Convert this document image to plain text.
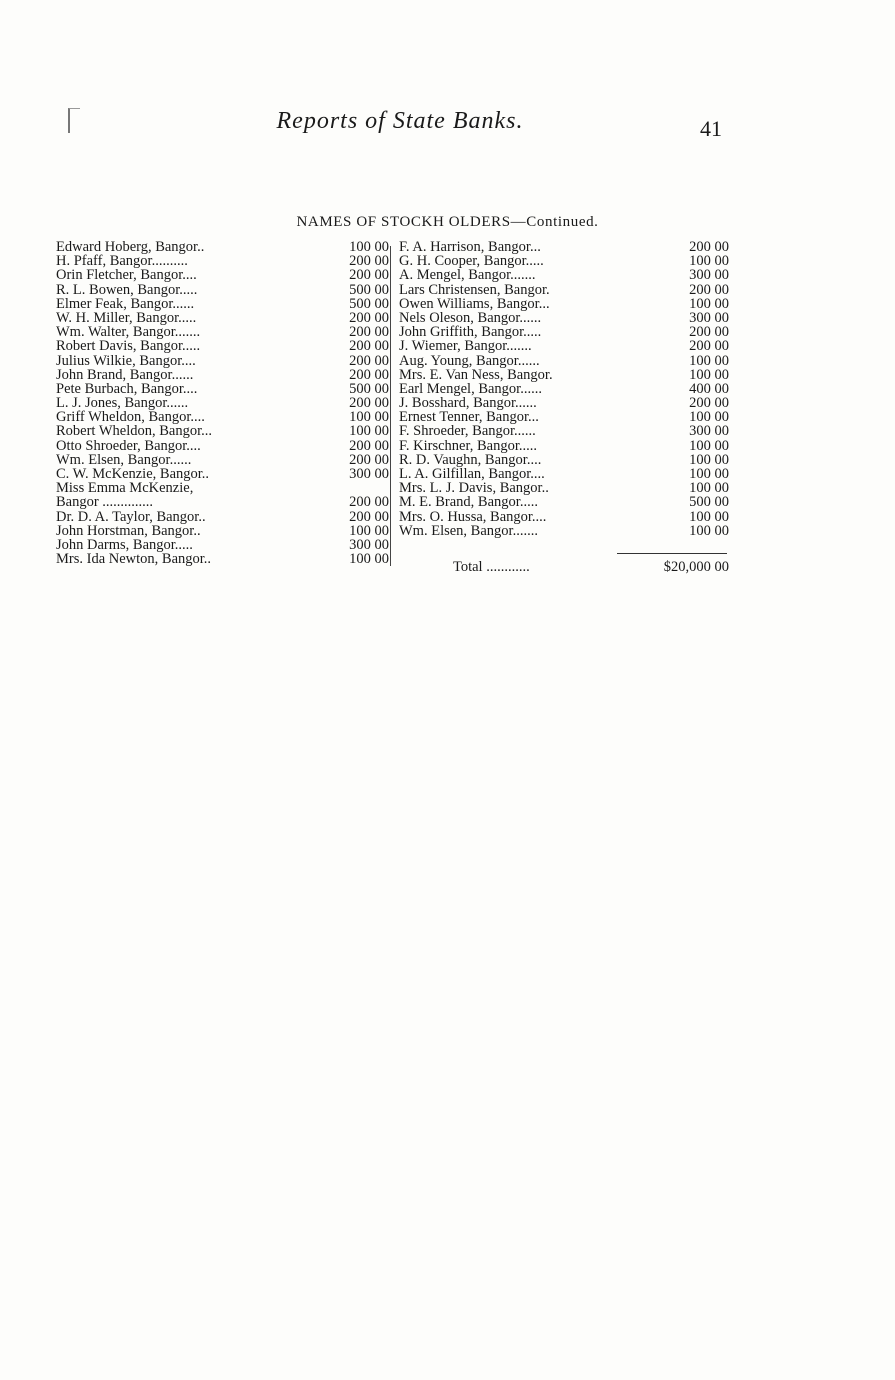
Reports of State Banks.	41
NAMES OF STOCKH OLDERS—Continued.
Edward Hoberg, Bangor..	100 00
H. Pfaff, Bangor..........	200 00
Orin Fletcher, Bangor....	200 00
R. L. Bowen, Bangor.....	500 00
Elmer Feak, Bangor......	500 00
W. H. Miller, Bangor.....	200 00
Wm. Walter, Bangor.......	200 00
Robert Davis, Bangor.....	200 00
Julius Wilkie, Bangor....	200 00
John Brand, Bangor......	200 00
Pete Burbach, Bangor....	500 00
L. J. Jones, Bangor......	200 00
Griff Wheldon, Bangor....	100 00
Robert Wheldon, Bangor...	100 00
Otto Shroeder, Bangor....	200 00
Wm. Elsen, Bangor......	200 00
C. W. McKenzie, Bangor..	300 00
Miss Emma McKenzie,
Bangor ..............	200 00
Dr. D. A. Taylor, Bangor..	200 00
John Horstman, Bangor..	100 00
John Darms, Bangor.....	300 00
Mrs. Ida Newton, Bangor..	100 00
F. A. Harrison, Bangor...	200 00
G. H. Cooper, Bangor.....	100 00
A. Mengel, Bangor.......	300 00
Lars Christensen, Bangor.	200 00
Owen Williams, Bangor...	100 00
Nels Oleson, Bangor......	300 00
John Griffith, Bangor.....	200 00
J. Wiemer, Bangor.......	200 00
Aug. Young, Bangor......	100 00
Mrs. E. Van Ness, Bangor.	100 00
Earl Mengel, Bangor......	400 00
J. Bosshard, Bangor......	200 00
Ernest Tenner, Bangor...	100 00
F. Shroeder, Bangor......	300 00
F. Kirschner, Bangor.....	100 00
R. D. Vaughn, Bangor....	100 00
L. A. Gilfillan, Bangor....	100 00
Mrs. L. J. Davis, Bangor..	100 00
M. E. Brand, Bangor.....	500 00
Mrs. O. Hussa, Bangor....	100 00
Wm. Elsen, Bangor.......	100 00
Total ............	$20,000 00
